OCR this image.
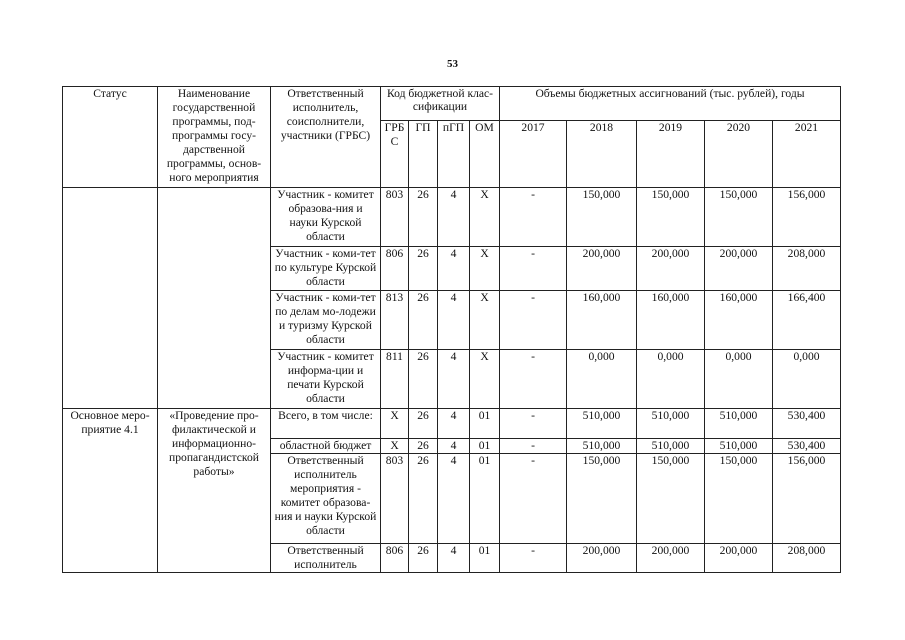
53
Статус	Наименование государственной программы, под-программы госу-дарственной программы, основ-ного мероприятия	Ответственный исполнитель, соисполнители, участники (ГРБС)	Код бюджетной клас-сификации				Объемы бюджетных ассигнований (тыс. рублей), годы				
			ГРБ С	ГП	пГП	ОМ	2017	2018	2019	2020	2021
		Участник - комитет образова-ния и науки Курской области	803	26	4	X	-	150,000	150,000	150,000	156,000
		Участник - коми-тет по культуре Курской области	806	26	4	X	-	200,000	200,000	200,000	208,000
		Участник - коми-тет по делам мо-лодежи и туризму Курской области	813	26	4	X	-	160,000	160,000	160,000	166,400
		Участник - комитет информа-ции и печати Курской области	811	26	4	X	-	0,000	0,000	0,000	0,000
Основное меро-приятие 4.1	«Проведение про-филактической и информационно-пропагандистской работы»	Всего, в том числе:	X	26	4	01	-	510,000	510,000	510,000	530,400
		областной бюджет	X	26	4	01	-	510,000	510,000	510,000	530,400
		Ответственный исполнитель мероприятия - комитет образова-ния и науки Курской области	803	26	4	01	-	150,000	150,000	150,000	156,000
		Ответственный исполнитель	806	26	4	01	-	200,000	200,000	200,000	208,000
